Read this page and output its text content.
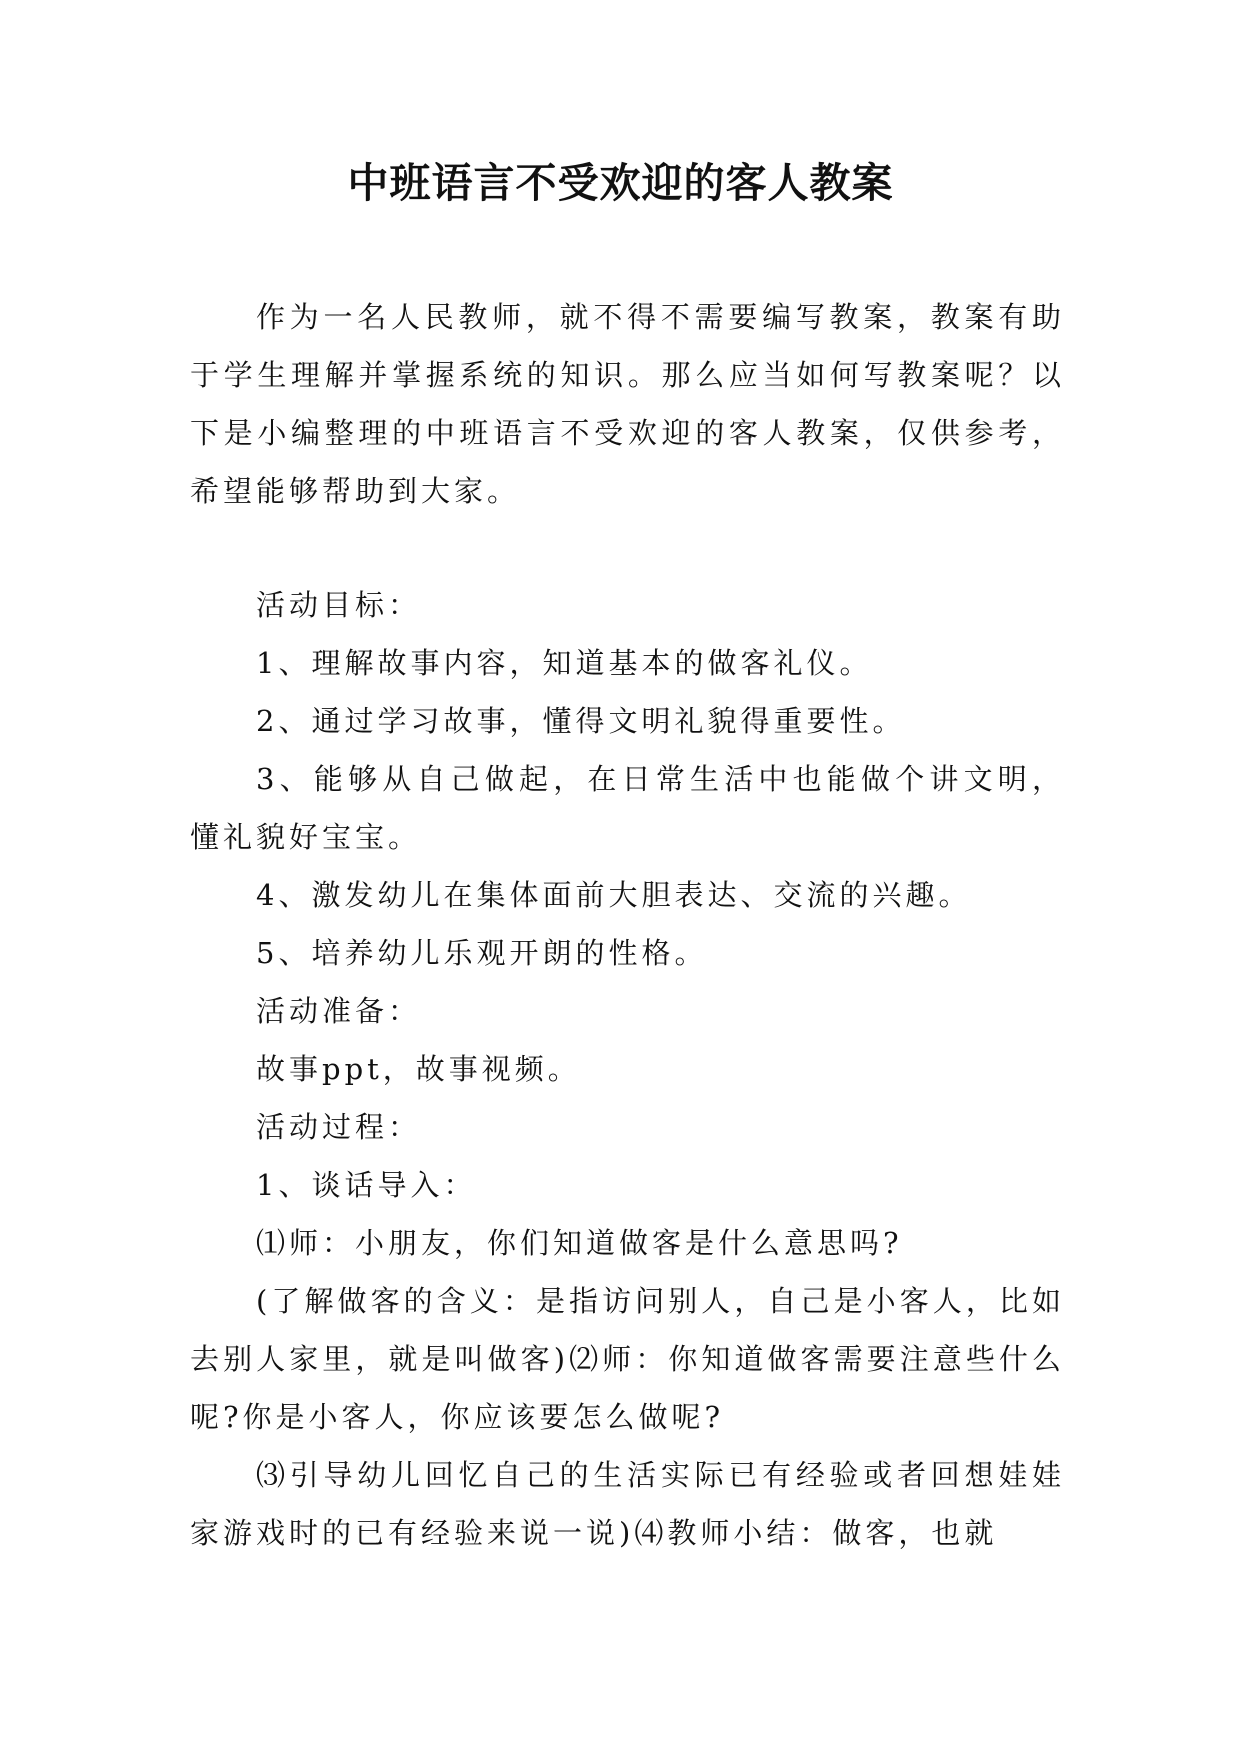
中班语言不受欢迎的客人教案

作为一名人民教师，就不得不需要编写教案，教案有助于学生理解并掌握系统的知识。那么应当如何写教案呢？以下是小编整理的中班语言不受欢迎的客人教案，仅供参考，希望能够帮助到大家。

活动目标：

1、理解故事内容，知道基本的做客礼仪。

2、通过学习故事，懂得文明礼貌得重要性。

3、能够从自己做起，在日常生活中也能做个讲文明，懂礼貌好宝宝。

4、激发幼儿在集体面前大胆表达、交流的兴趣。

5、培养幼儿乐观开朗的性格。

活动准备：

故事ppt，故事视频。

活动过程：

1、谈话导入：

⑴师：小朋友，你们知道做客是什么意思吗?

(了解做客的含义：是指访问别人，自己是小客人，比如去别人家里，就是叫做客)⑵师：你知道做客需要注意些什么呢?你是小客人，你应该要怎么做呢?

⑶引导幼儿回忆自己的生活实际已有经验或者回想娃娃家游戏时的已有经验来说一说)⑷教师小结：做客，也就
